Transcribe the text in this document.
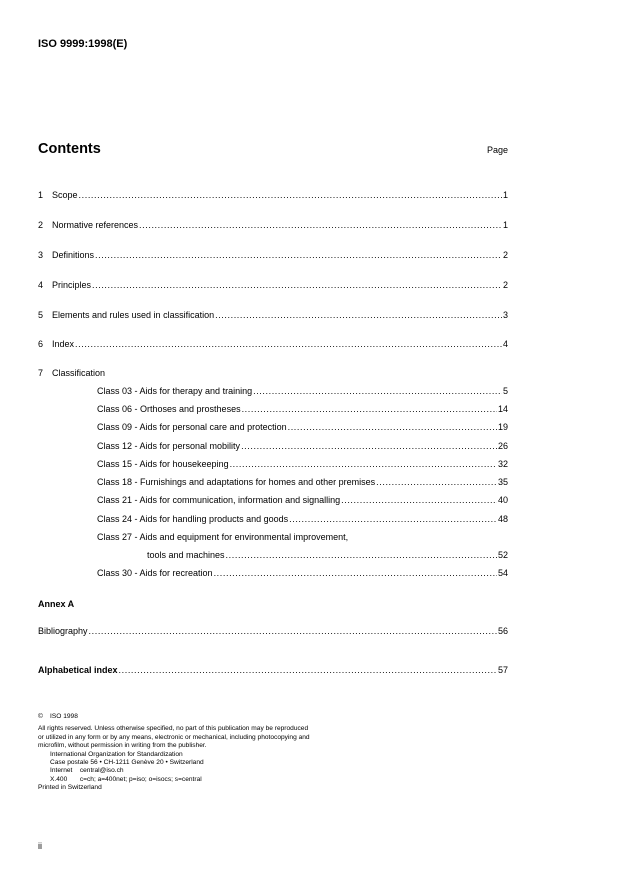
ISO 9999:1998(E)
Contents	Page
1 Scope .....	1
2 Normative references .....	1
3 Definitions .....	2
4 Principles .....	2
5 Elements and rules used in classification .....	3
6 Index .....	4
7 Classification
Class 03 - Aids for therapy and training .....	5
Class 06 - Orthoses and prostheses .....	14
Class 09 - Aids for personal care and protection .....	19
Class 12 - Aids for personal mobility .....	26
Class 15 - Aids for housekeeping .....	32
Class 18 - Furnishings and adaptations for homes and other premises .....	35
Class 21 - Aids for communication, information and signalling .....	40
Class 24 - Aids for handling products and goods .....	48
Class 27 - Aids and equipment for environmental improvement,
tools and machines .....	52
Class 30 - Aids for recreation .....	54
Annex A
Bibliography .....	56
Alphabetical index .....	57
© ISO 1998
All rights reserved. Unless otherwise specified, no part of this publication may be reproduced
or utilized in any form or by any means, electronic or mechanical, including photocopying and
microfilm, without permission in writing from the publisher.
International Organization for Standardization
Case postale 56 • CH-1211 Genève 20 • Switzerland
Internet central@iso.ch
X.400 c=ch; a=400net; p=iso; o=isocs; s=central
Printed in Switzerland
ii
